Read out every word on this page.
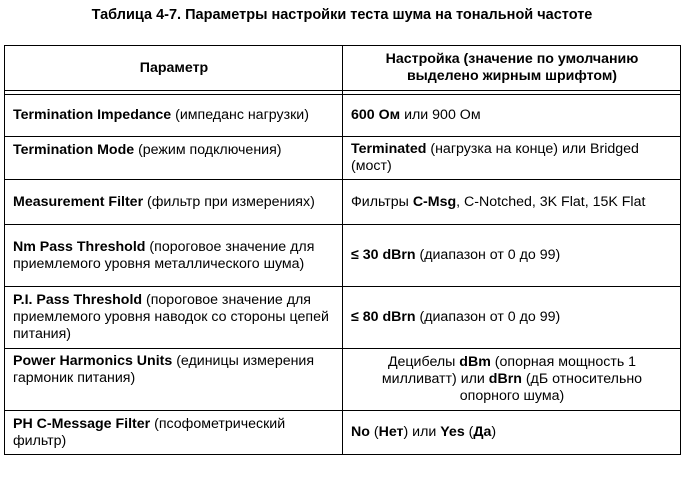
Таблица 4-7. Параметры настройки теста шума на тональной частоте
Параметр	Настройка (значение по умолчанию выделено жирным шрифтом)

Termination Impedance (импеданс нагрузки)	600 Ом или 900 Ом
Termination Mode (режим подключения)	Terminated (нагрузка на конце) или Bridged (мост)
Measurement Filter (фильтр при измерениях)	Фильтры C-Msg, C-Notched, 3K Flat, 15K Flat
Nm Pass Threshold (пороговое значение для приемлемого уровня металлического шума)	≤ 30 dBrn (диапазон от 0 до 99)
P.I. Pass Threshold (пороговое значение для приемлемого уровня наводок со стороны цепей питания)	≤ 80 dBrn (диапазон от 0 до 99)
Power Harmonics Units (единицы измерения гармоник питания)	Децибелы dBm (опорная мощность 1 милливатт) или dBrn (дБ относительно опорного шума)
PH C-Message Filter (псофометрический фильтр)	No (Нет) или Yes (Да)
